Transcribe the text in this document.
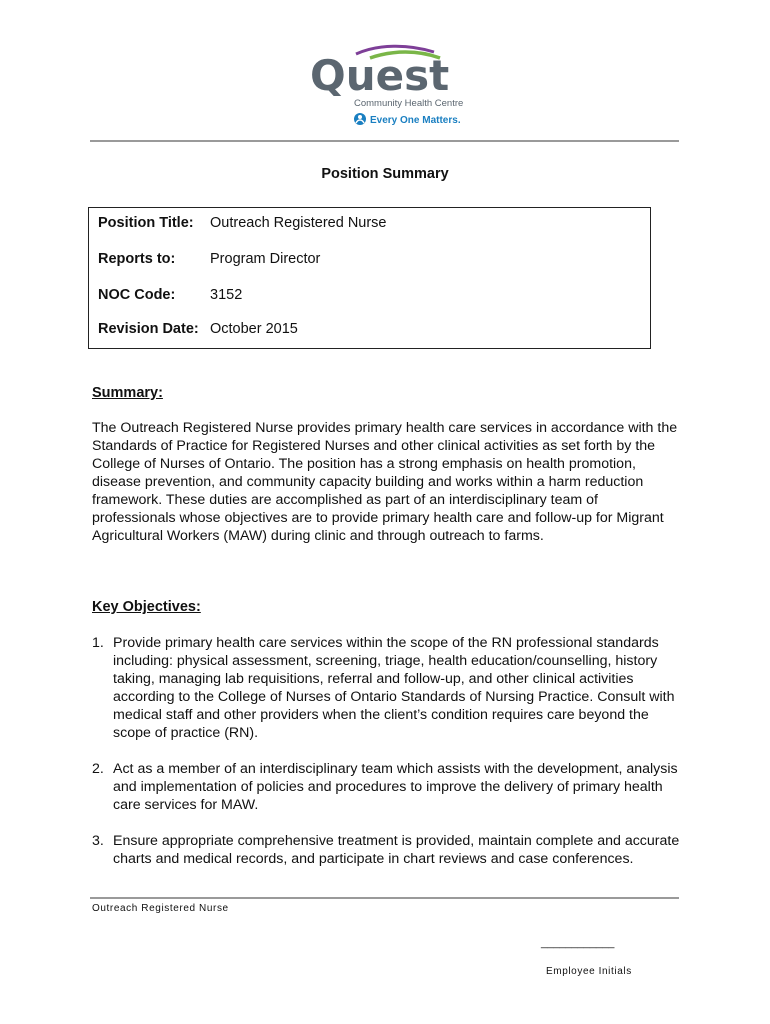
Quest
Community Health Centre
Every One Matters.
Position Summary
Position Title: Outreach Registered Nurse
Reports to: Program Director
NOC Code: 3152
Revision Date: October 2015
Summary:
The Outreach Registered Nurse provides primary health care services in accordance with the Standards of Practice for Registered Nurses and other clinical activities as set forth by the College of Nurses of Ontario. The position has a strong emphasis on health promotion, disease prevention, and community capacity building and works within a harm reduction framework. These duties are accomplished as part of an interdisciplinary team of professionals whose objectives are to provide primary health care and follow-up for Migrant Agricultural Workers (MAW) during clinic and through outreach to farms.
Key Objectives:
1. Provide primary health care services within the scope of the RN professional standards including: physical assessment, screening, triage, health education/counselling, history taking, managing lab requisitions, referral and follow-up, and other clinical activities according to the College of Nurses of Ontario Standards of Nursing Practice. Consult with medical staff and other providers when the client’s condition requires care beyond the scope of practice (RN).
2. Act as a member of an interdisciplinary team which assists with the development, analysis and implementation of policies and procedures to improve the delivery of primary health care services for MAW.
3. Ensure appropriate comprehensive treatment is provided, maintain complete and accurate charts and medical records, and participate in chart reviews and case conferences.
Outreach Registered Nurse
____________
Employee Initials
